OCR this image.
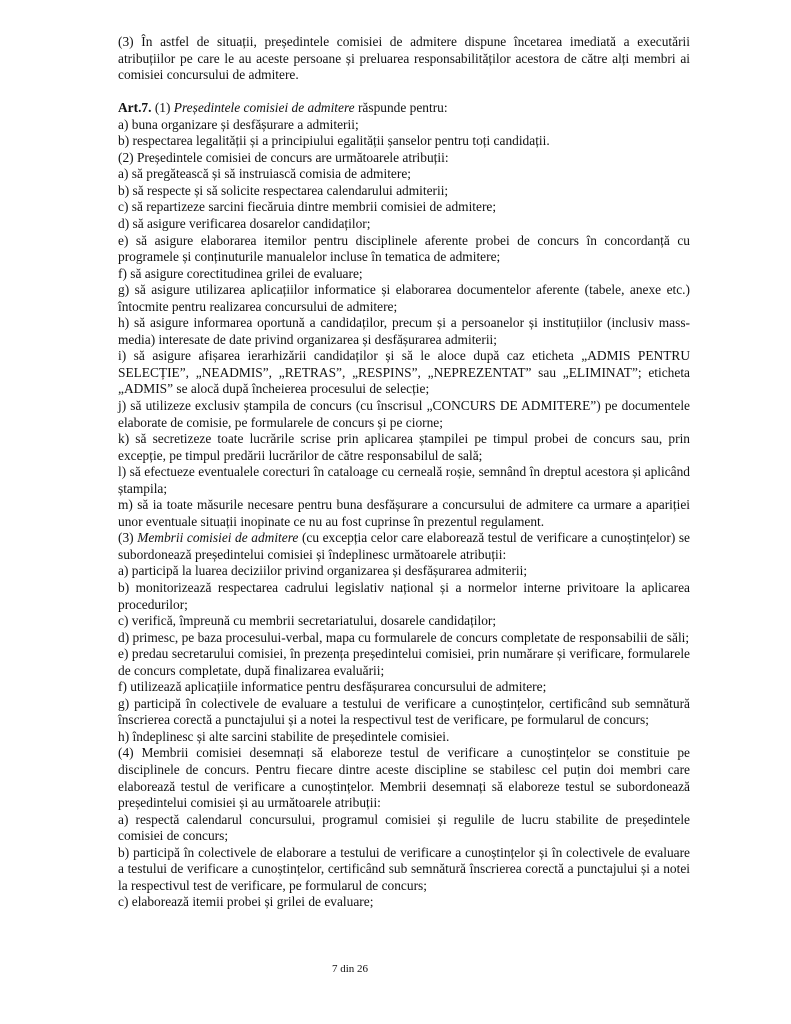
(3) În astfel de situații, președintele comisiei de admitere dispune încetarea imediată a executării atribuțiilor pe care le au aceste persoane și preluarea responsabilităților acestora de către alți membri ai comisiei concursului de admitere.

Art.7. (1) Președintele comisiei de admitere răspunde pentru:

a) buna organizare și desfășurare a admiterii;

b) respectarea legalității și a principiului egalității șanselor pentru toți candidații.

(2) Președintele comisiei de concurs are următoarele atribuții:

a) să pregătească și să instruiască comisia de admitere;

b) să respecte și să solicite respectarea calendarului admiterii;

c) să repartizeze sarcini fiecăruia dintre membrii comisiei de admitere;

d) să asigure verificarea dosarelor candidaților;

e) să asigure elaborarea itemilor pentru disciplinele aferente probei de concurs în concordanță cu programele și conținuturile manualelor incluse în tematica de admitere;

f) să asigure corectitudinea grilei de evaluare;

g) să asigure utilizarea aplicațiilor informatice și elaborarea documentelor aferente (tabele, anexe etc.) întocmite pentru realizarea concursului de admitere;

h) să asigure informarea oportună a candidaților, precum și a persoanelor și instituțiilor (inclusiv mass-media) interesate de date privind organizarea și desfășurarea admiterii;

i) să asigure afișarea ierarhizării candidaților și să le aloce după caz eticheta „ADMIS PENTRU SELECȚIE”, „NEADMIS”, „RETRAS”, „RESPINS”, „NEPREZENTAT” sau „ELIMINAT”; eticheta „ADMIS” se alocă după încheierea procesului de selecție;

j) să utilizeze exclusiv ștampila de concurs (cu înscrisul „CONCURS DE ADMITERE”) pe documentele elaborate de comisie, pe formularele de concurs și pe ciorne;

k) să secretizeze toate lucrările scrise prin aplicarea ștampilei pe timpul probei de concurs sau, prin excepție, pe timpul predării lucrărilor de către responsabilul de sală;

l) să efectueze eventualele corecturi în cataloage cu cerneală roșie, semnând în dreptul acestora și aplicând ștampila;

m) să ia toate măsurile necesare pentru buna desfășurare a concursului de admitere ca urmare a apariției unor eventuale situații inopinate ce nu au fost cuprinse în prezentul regulament.

(3) Membrii comisiei de admitere (cu excepția celor care elaborează testul de verificare a cunoștințelor) se subordonează președintelui comisiei și îndeplinesc următoarele atribuții:

a) participă la luarea deciziilor privind organizarea și desfășurarea admiterii;

b) monitorizează respectarea cadrului legislativ național și a normelor interne privitoare la aplicarea procedurilor;

c) verifică, împreună cu membrii secretariatului, dosarele candidaților;

d) primesc, pe baza procesului-verbal, mapa cu formularele de concurs completate de responsabilii de săli;

e) predau secretarului comisiei, în prezența președintelui comisiei, prin numărare și verificare, formularele de concurs completate, după finalizarea evaluării;

f) utilizează aplicațiile informatice pentru desfășurarea concursului de admitere;

g) participă în colectivele de evaluare a testului de verificare a cunoștințelor, certificând sub semnătură înscrierea corectă a punctajului și a notei la respectivul test de verificare, pe formularul de concurs;

h) îndeplinesc și alte sarcini stabilite de președintele comisiei.

(4) Membrii comisiei desemnați să elaboreze testul de verificare a cunoștințelor se constituie pe disciplinele de concurs. Pentru fiecare dintre aceste discipline se stabilesc cel puțin doi membri care elaborează testul de verificare a cunoștințelor. Membrii desemnați să elaboreze testul se subordonează președintelui comisiei și au următoarele atribuții:

a) respectă calendarul concursului, programul comisiei și regulile de lucru stabilite de președintele comisiei de concurs;

b) participă în colectivele de elaborare a testului de verificare a cunoștințelor și în colectivele de evaluare a testului de verificare a cunoștințelor, certificând sub semnătură înscrierea corectă a punctajului și a notei la respectivul test de verificare, pe formularul de concurs;

c) elaborează itemii probei și grilei de evaluare;

7 din 26
